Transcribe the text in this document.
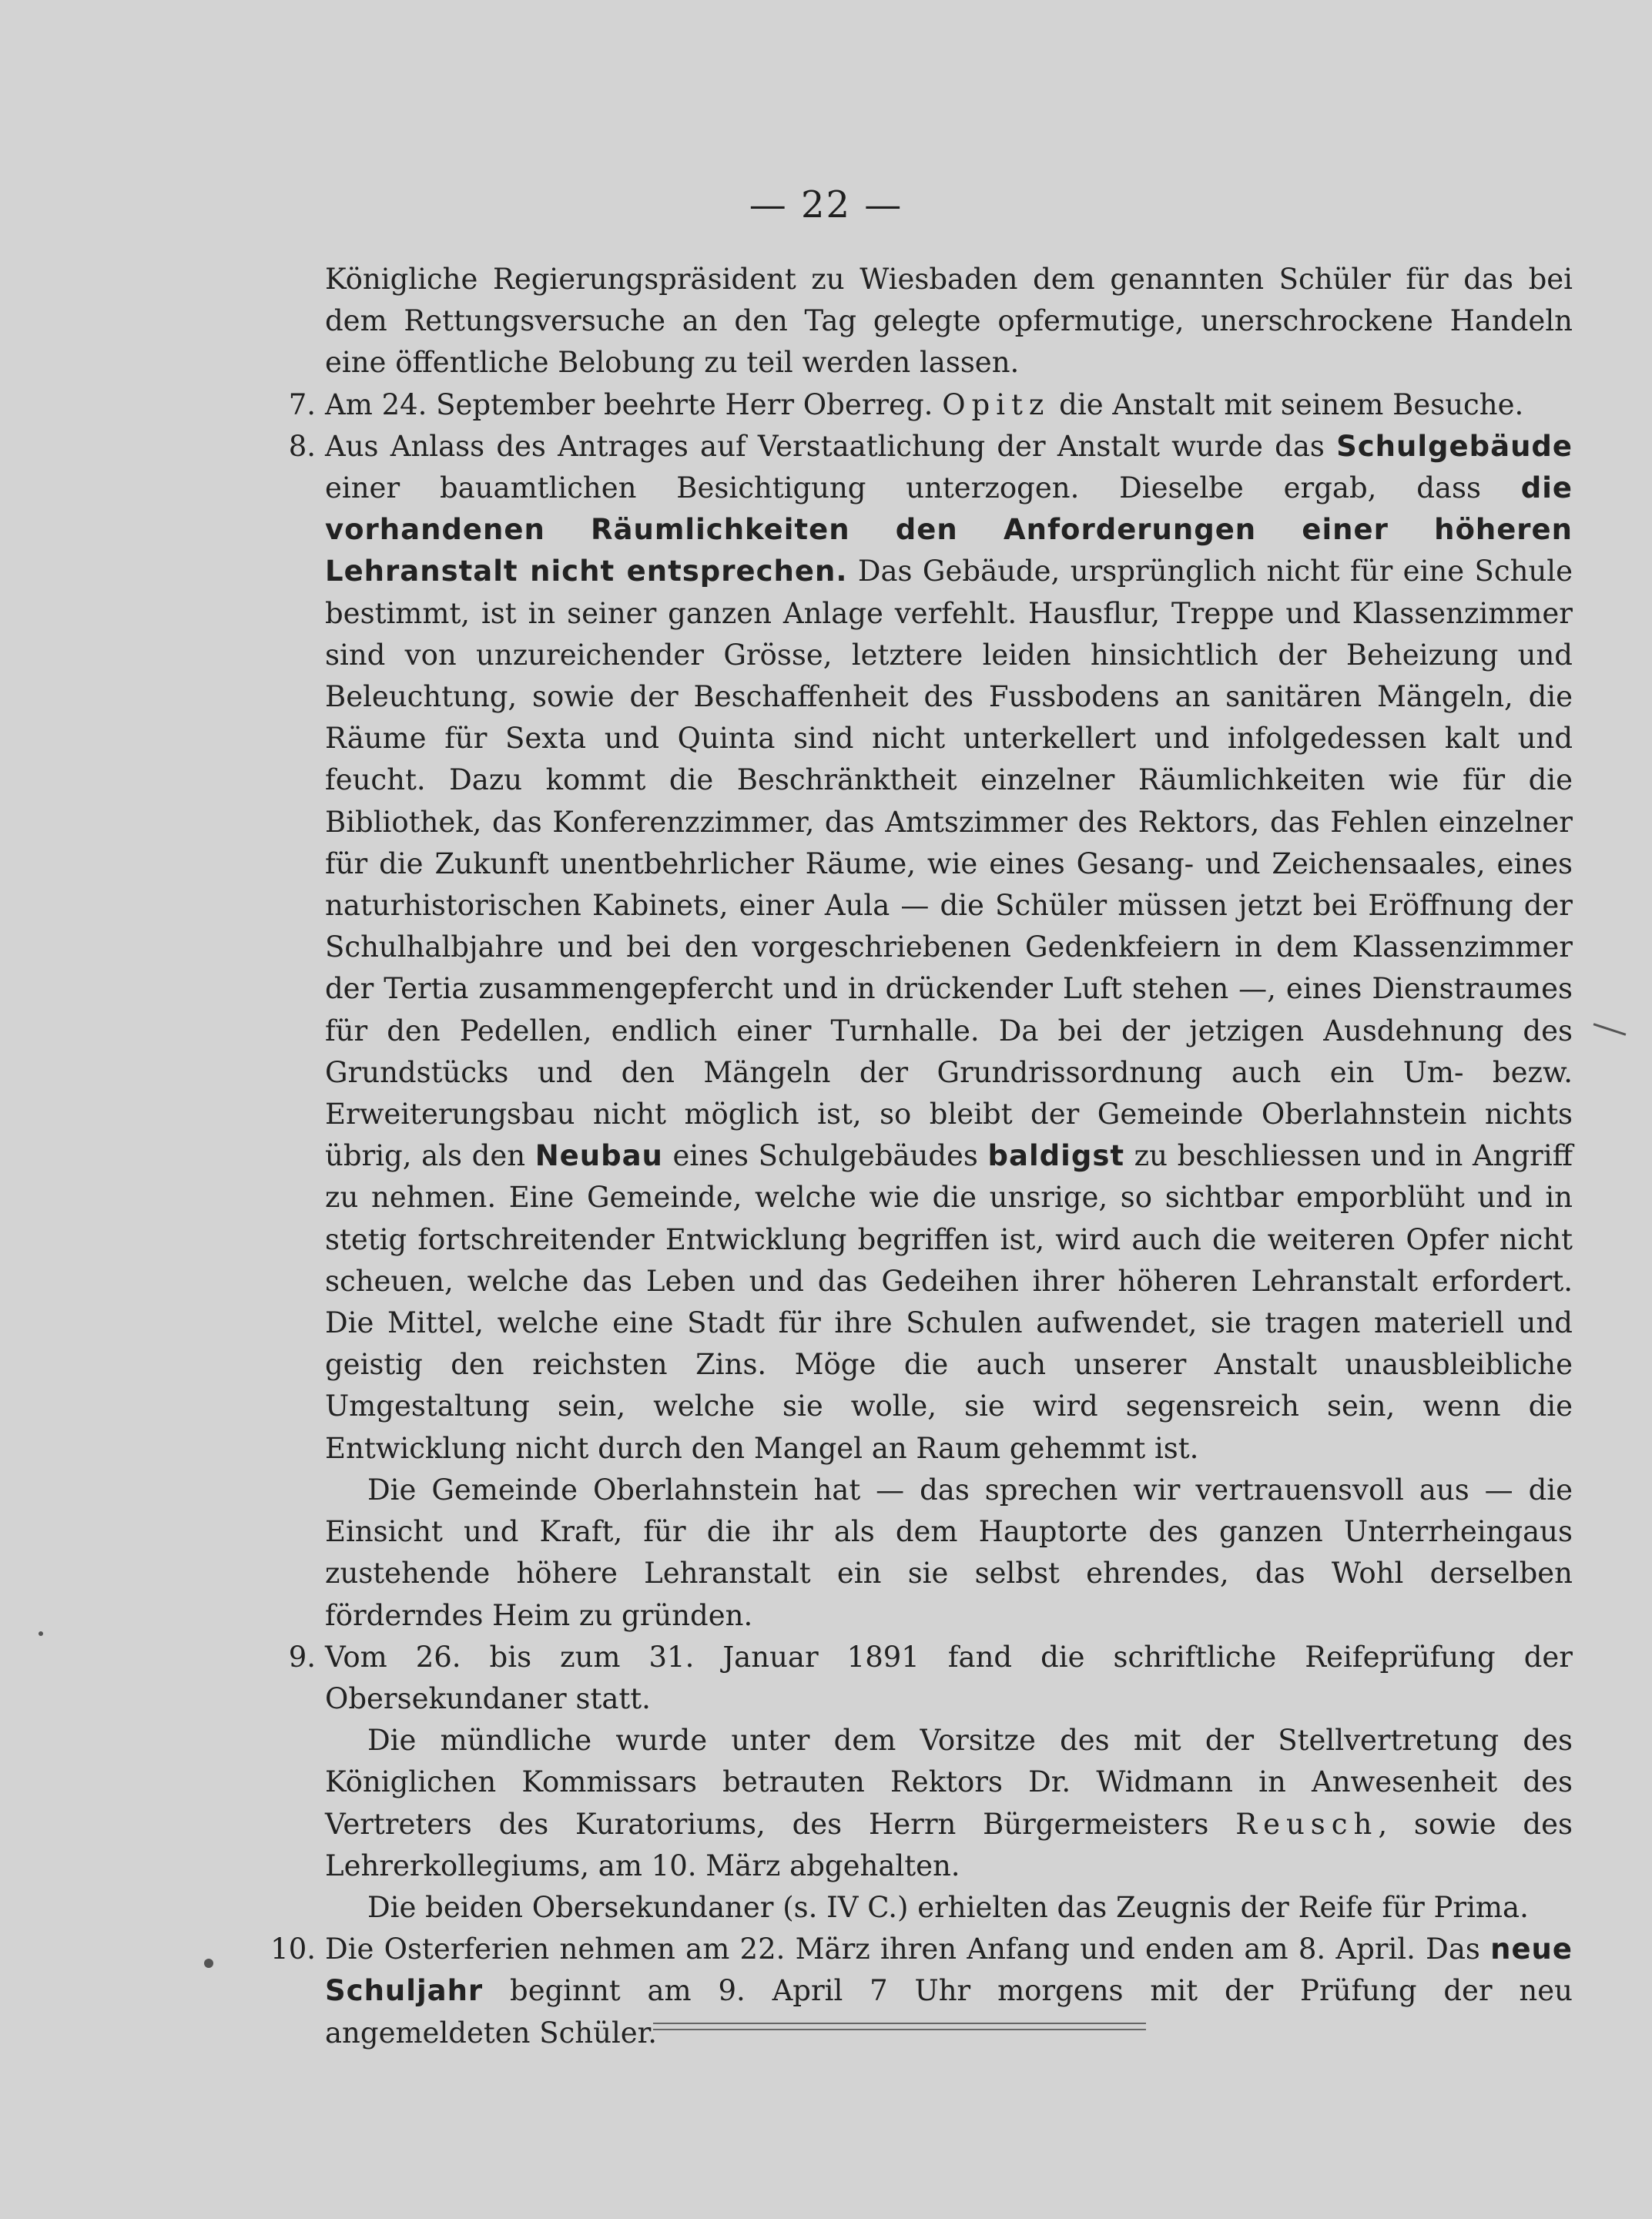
— 22 —

Königliche Regierungspräsident zu Wiesbaden dem genannten Schüler für das bei dem Rettungsversuche an den Tag gelegte opfermutige, unerschrockene Handeln eine öffentliche Belobung zu teil werden lassen.

7. Am 24. September beehrte Herr Oberreg. Opitz die Anstalt mit seinem Besuche.

8. Aus Anlass des Antrages auf Verstaatlichung der Anstalt wurde das Schulgebäude einer bauamtlichen Besichtigung unterzogen. Dieselbe ergab, dass die vorhandenen Räumlichkeiten den Anforderungen einer höheren Lehranstalt nicht entsprechen. Das Gebäude, ursprünglich nicht für eine Schule bestimmt, ist in seiner ganzen Anlage verfehlt. Hausflur, Treppe und Klassenzimmer sind von unzureichender Grösse, letztere leiden hinsichtlich der Beheizung und Beleuchtung, sowie der Beschaffenheit des Fussbodens an sanitären Mängeln, die Räume für Sexta und Quinta sind nicht unterkellert und infolgedessen kalt und feucht. Dazu kommt die Beschränktheit einzelner Räumlichkeiten wie für die Bibliothek, das Konferenzzimmer, das Amtszimmer des Rektors, das Fehlen einzelner für die Zukunft unentbehrlicher Räume, wie eines Gesang- und Zeichensaales, eines naturhistorischen Kabinets, einer Aula — die Schüler müssen jetzt bei Eröffnung der Schulhalbjahre und bei den vorgeschriebenen Gedenkfeiern in dem Klassenzimmer der Tertia zusammengepfercht und in drückender Luft stehen —, eines Dienstraumes für den Pedellen, endlich einer Turnhalle. Da bei der jetzigen Ausdehnung des Grundstücks und den Mängeln der Grundrissordnung auch ein Um- bezw. Erweiterungsbau nicht möglich ist, so bleibt der Gemeinde Oberlahnstein nichts übrig, als den Neubau eines Schulgebäudes baldigst zu beschliessen und in Angriff zu nehmen. Eine Gemeinde, welche wie die unsrige, so sichtbar emporblüht und in stetig fortschreitender Entwicklung begriffen ist, wird auch die weiteren Opfer nicht scheuen, welche das Leben und das Gedeihen ihrer höheren Lehranstalt erfordert. Die Mittel, welche eine Stadt für ihre Schulen aufwendet, sie tragen materiell und geistig den reichsten Zins. Möge die auch unserer Anstalt unausbleibliche Umgestaltung sein, welche sie wolle, sie wird segensreich sein, wenn die Entwicklung nicht durch den Mangel an Raum gehemmt ist.

Die Gemeinde Oberlahnstein hat — das sprechen wir vertrauensvoll aus — die Einsicht und Kraft, für die ihr als dem Hauptorte des ganzen Unterrheingaus zustehende höhere Lehranstalt ein sie selbst ehrendes, das Wohl derselben förderndes Heim zu gründen.

9. Vom 26. bis zum 31. Januar 1891 fand die schriftliche Reifeprüfung der Obersekundaner statt.

Die mündliche wurde unter dem Vorsitze des mit der Stellvertretung des Königlichen Kommissars betrauten Rektors Dr. Widmann in Anwesenheit des Vertreters des Kuratoriums, des Herrn Bürgermeisters Reusch, sowie des Lehrerkollegiums, am 10. März abgehalten.

Die beiden Obersekundaner (s. IV C.) erhielten das Zeugnis der Reife für Prima.

10. Die Osterferien nehmen am 22. März ihren Anfang und enden am 8. April. Das neue Schuljahr beginnt am 9. April 7 Uhr morgens mit der Prüfung der neu angemeldeten Schüler.
